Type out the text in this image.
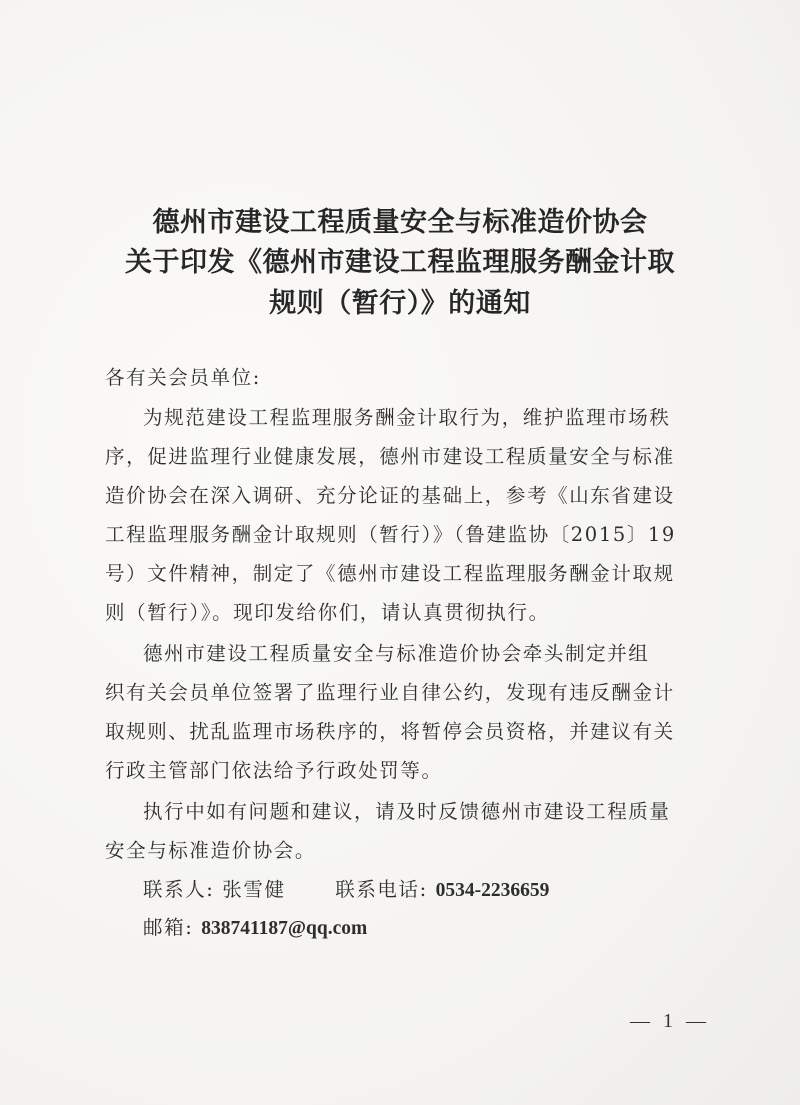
德州市建设工程质量安全与标准造价协会
关于印发《德州市建设工程监理服务酬金计取
规则（暂行）》的通知
各有关会员单位:
为规范建设工程监理服务酬金计取行为，维护监理市场秩
序，促进监理行业健康发展，德州市建设工程质量安全与标准
造价协会在深入调研、充分论证的基础上，参考《山东省建设
工程监理服务酬金计取规则（暂行）》（鲁建监协〔2015〕19
号）文件精神，制定了《德州市建设工程监理服务酬金计取规
则（暂行）》。现印发给你们，请认真贯彻执行。
德州市建设工程质量安全与标准造价协会牵头制定并组
织有关会员单位签署了监理行业自律公约，发现有违反酬金计
取规则、扰乱监理市场秩序的，将暂停会员资格，并建议有关
行政主管部门依法给予行政处罚等。
执行中如有问题和建议，请及时反馈德州市建设工程质量
安全与标准造价协会。
联系人: 张雪健	联系电话: 0534-2236659
邮箱: 838741187@qq.com
— 1 —
